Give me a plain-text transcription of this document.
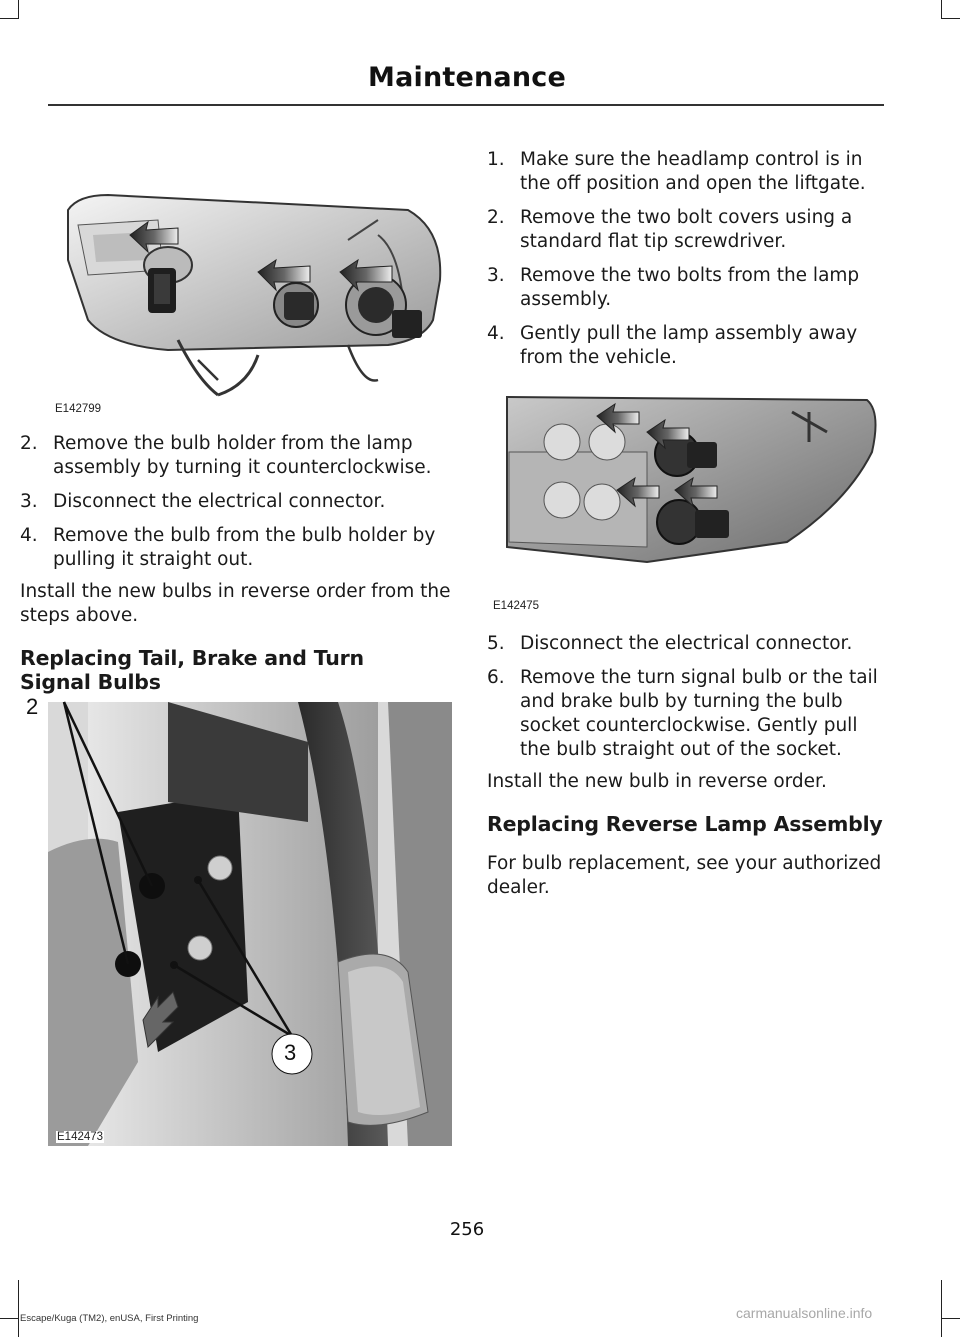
Maintenance
E142799
2. Remove the bulb holder from the lamp assembly by turning it counterclockwise.
3. Disconnect the electrical connector.
4. Remove the bulb from the bulb holder by pulling it straight out.

Install the new bulbs in reverse order from the steps above.

Replacing Tail, Brake and Turn Signal Bulbs
2
3
E142473
1. Make sure the headlamp control is in the off position and open the liftgate.
2. Remove the two bolt covers using a standard flat tip screwdriver.
3. Remove the two bolts from the lamp assembly.
4. Gently pull the lamp assembly away from the vehicle.
E142475
5. Disconnect the electrical connector.
6. Remove the turn signal bulb or the tail and brake bulb by turning the bulb socket counterclockwise. Gently pull the bulb straight out of the socket.

Install the new bulb in reverse order.

Replacing Reverse Lamp Assembly

For bulb replacement, see your authorized dealer.

256
Escape/Kuga (TM2), enUSA, First Printing	carmanualsonline.info
